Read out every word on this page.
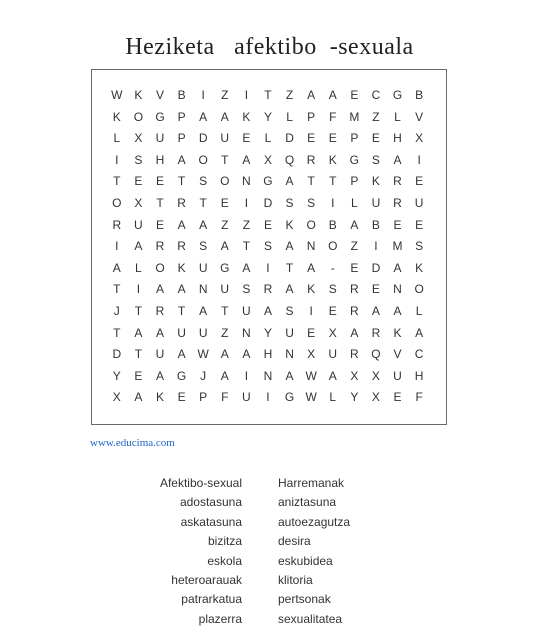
Heziketa   afektibo  -sexuala
W K	V	B	I	Z	I	T	Z	A	A	E	C	G	B
K	O	G	P	A	A	K	Y	L	P	F	M	Z	L	V
L	X	U	P	D	U	E	L	D	E	E	P	E	H	X
I	S	H	A	O	T	A	X	Q	R	K	G	S	A	I
T	E	E	T	S	O	N	G	A	T	T	P	K	R	E
O	X	T	R	T	E	I	D	S	S	I	L	U	R	U
R	U	E	A	A	Z	Z	E	K	O	B	A	B	E	E
I	A	R	R	S	A	T	S	A	N	O	Z	I	M	S
A	L	O	K	U	G	A	I	T	A	-	E	D	A	K
T	I	A	A	N	U	S	R	A	K	S	R	E	N	O
J	T	R	T	A	T	U	A	S	I	E	R	A	A	L
T	A	A	U	U	Z	N	Y	U	E	X	A	R	K	A
D	T	U	A W A	A	H	N	X	U	R	Q	V	C
Y	E	A	G	J	A	I	N	A W A	X	X	U	H
X	A	K	E	P	F	U	I	G W	L	Y	X	E	F
www.educima.com
Afektibo-sexual
adostasuna
askatasuna
bizitza
eskola
heteroarauak
patrarkatua
plazerra
Harremanak
aniztasuna
autoezagutza
desira
eskubidea
klitoria
pertsonak
sexualitatea
